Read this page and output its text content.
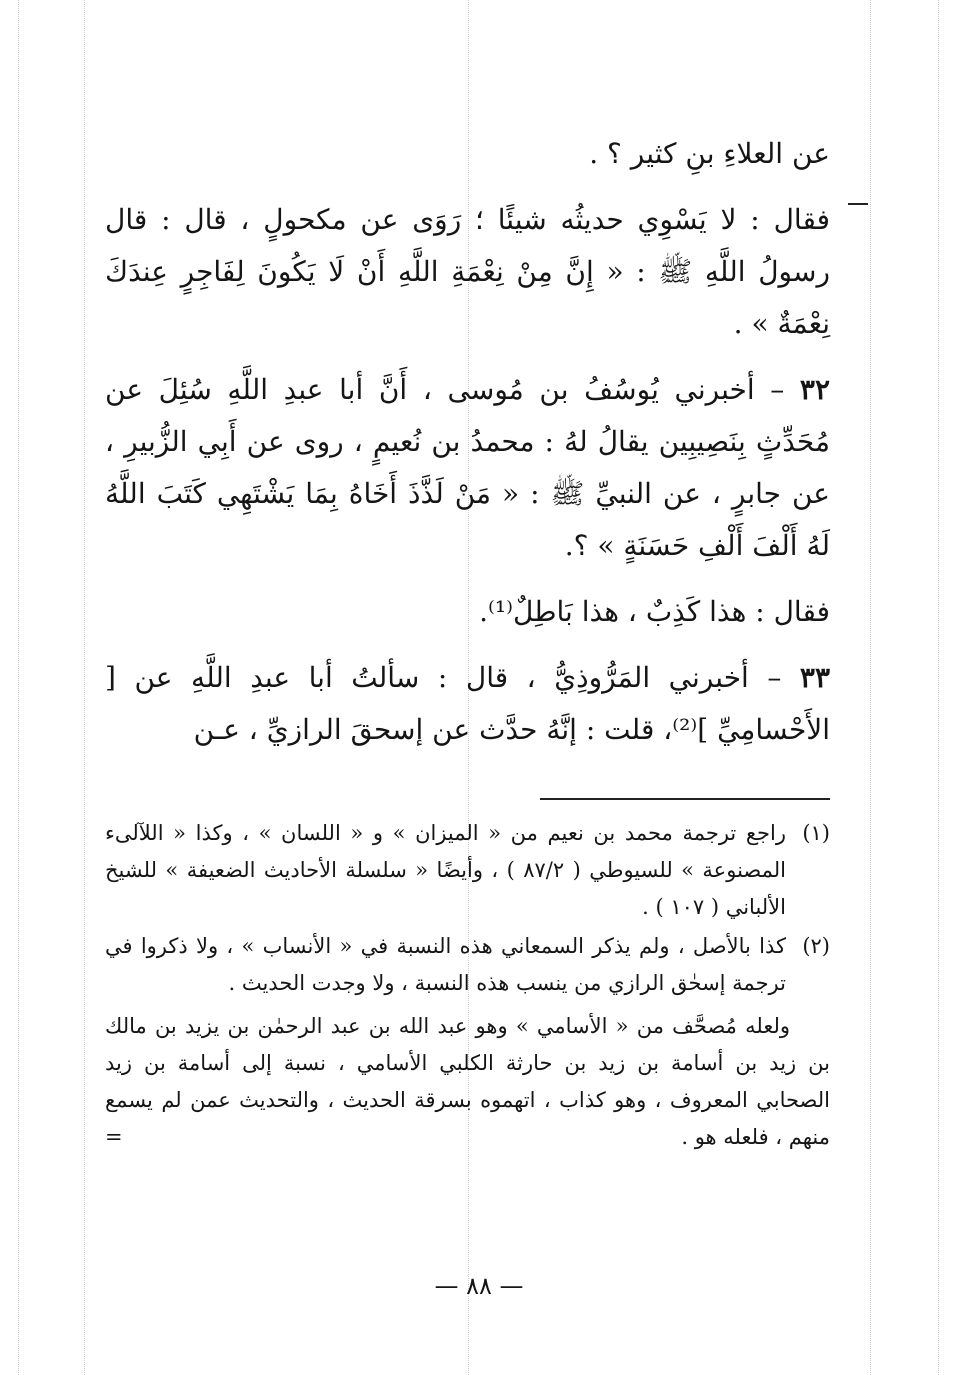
عن العلاءِ بنِ كثير ؟ .

فقال : لا يَسْوِي حديثُه شيئًا ؛ رَوَى عن مكحولٍ ، قال : قال رسولُ اللَّهِ ﷺ : « إِنَّ مِنْ نِعْمَةِ اللَّهِ أَنْ لَا يَكُونَ لِفَاجِرٍ عِندَكَ نِعْمَةٌ » .

٣٢ – أخبرني يُوسُفُ بن مُوسى ، أَنَّ أبا عبدِ اللَّهِ سُئِلَ عن مُحَدِّثٍ بِنَصِيبِين يقالُ لهُ : محمدُ بن نُعيمٍ ، روى عن أَبِي الزُّبيرِ ، عن جابرٍ ، عن النبيِّ ﷺ : « مَنْ لَذَّذَ أَخَاهُ بِمَا يَشْتَهِي كَتَبَ اللَّهُ لَهُ أَلْفَ أَلْفِ حَسَنَةٍ » ؟.

فقال : هذا كَذِبٌ ، هذا بَاطِلٌ⁽¹⁾.

٣٣ – أخبرني المَرُّوذِيُّ ، قال : سألتُ أبا عبدِ اللَّهِ عن [ الأَحْسامِيِّ ]⁽²⁾، قلت : إنَّهُ حدَّث عن إسحقَ الرازيِّ ، عـن

(١)
راجع ترجمة محمد بن نعيم من « الميزان » و « اللسان » ، وكذا « اللآلىء المصنوعة » للسيوطي ( ٨٧/٢ ) ، وأيضًا « سلسلة الأحاديث الضعيفة » للشيخ الألباني ( ١٠٧ ) .
(٢)
كذا بالأصل ، ولم يذكر السمعاني هذه النسبة في « الأنساب » ، ولا ذكروا في ترجمة إسحٰق الرازي من ينسب هذه النسبة ، ولا وجدت الحديث .
ولعله مُصحَّف من « الأسامي » وهو عبد الله بن عبد الرحمٰن بن يزيد بن مالك بن زيد بن أسامة بن زيد بن حارثة الكلبي الأسامي ، نسبة إلى أسامة بن زيد الصحابي المعروف ، وهو كذاب ، اتهموه بسرقة الحديث ، والتحديث عمن لم يسمع منهم ، فلعله هو .
=
— ٨٨ —
